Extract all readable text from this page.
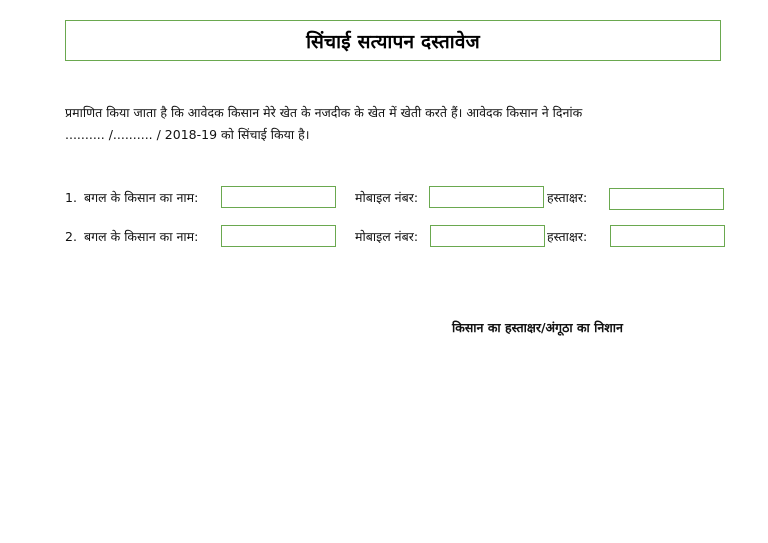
सिंचाई सत्यापन दस्तावेज
प्रमाणित किया जाता है कि आवेदक किसान मेरे खेत के नजदीक के खेत में खेती करते हैं। आवेदक किसान ने दिनांक
.......... /.......... / 2018-19 को सिंचाई किया है।
1. बगल के किसान का नाम:	मोबाइल नंबर:	हस्ताक्षर:
2. बगल के किसान का नाम:	मोबाइल नंबर:	हस्ताक्षर:
किसान का हस्ताक्षर/अंगूठा का निशान
